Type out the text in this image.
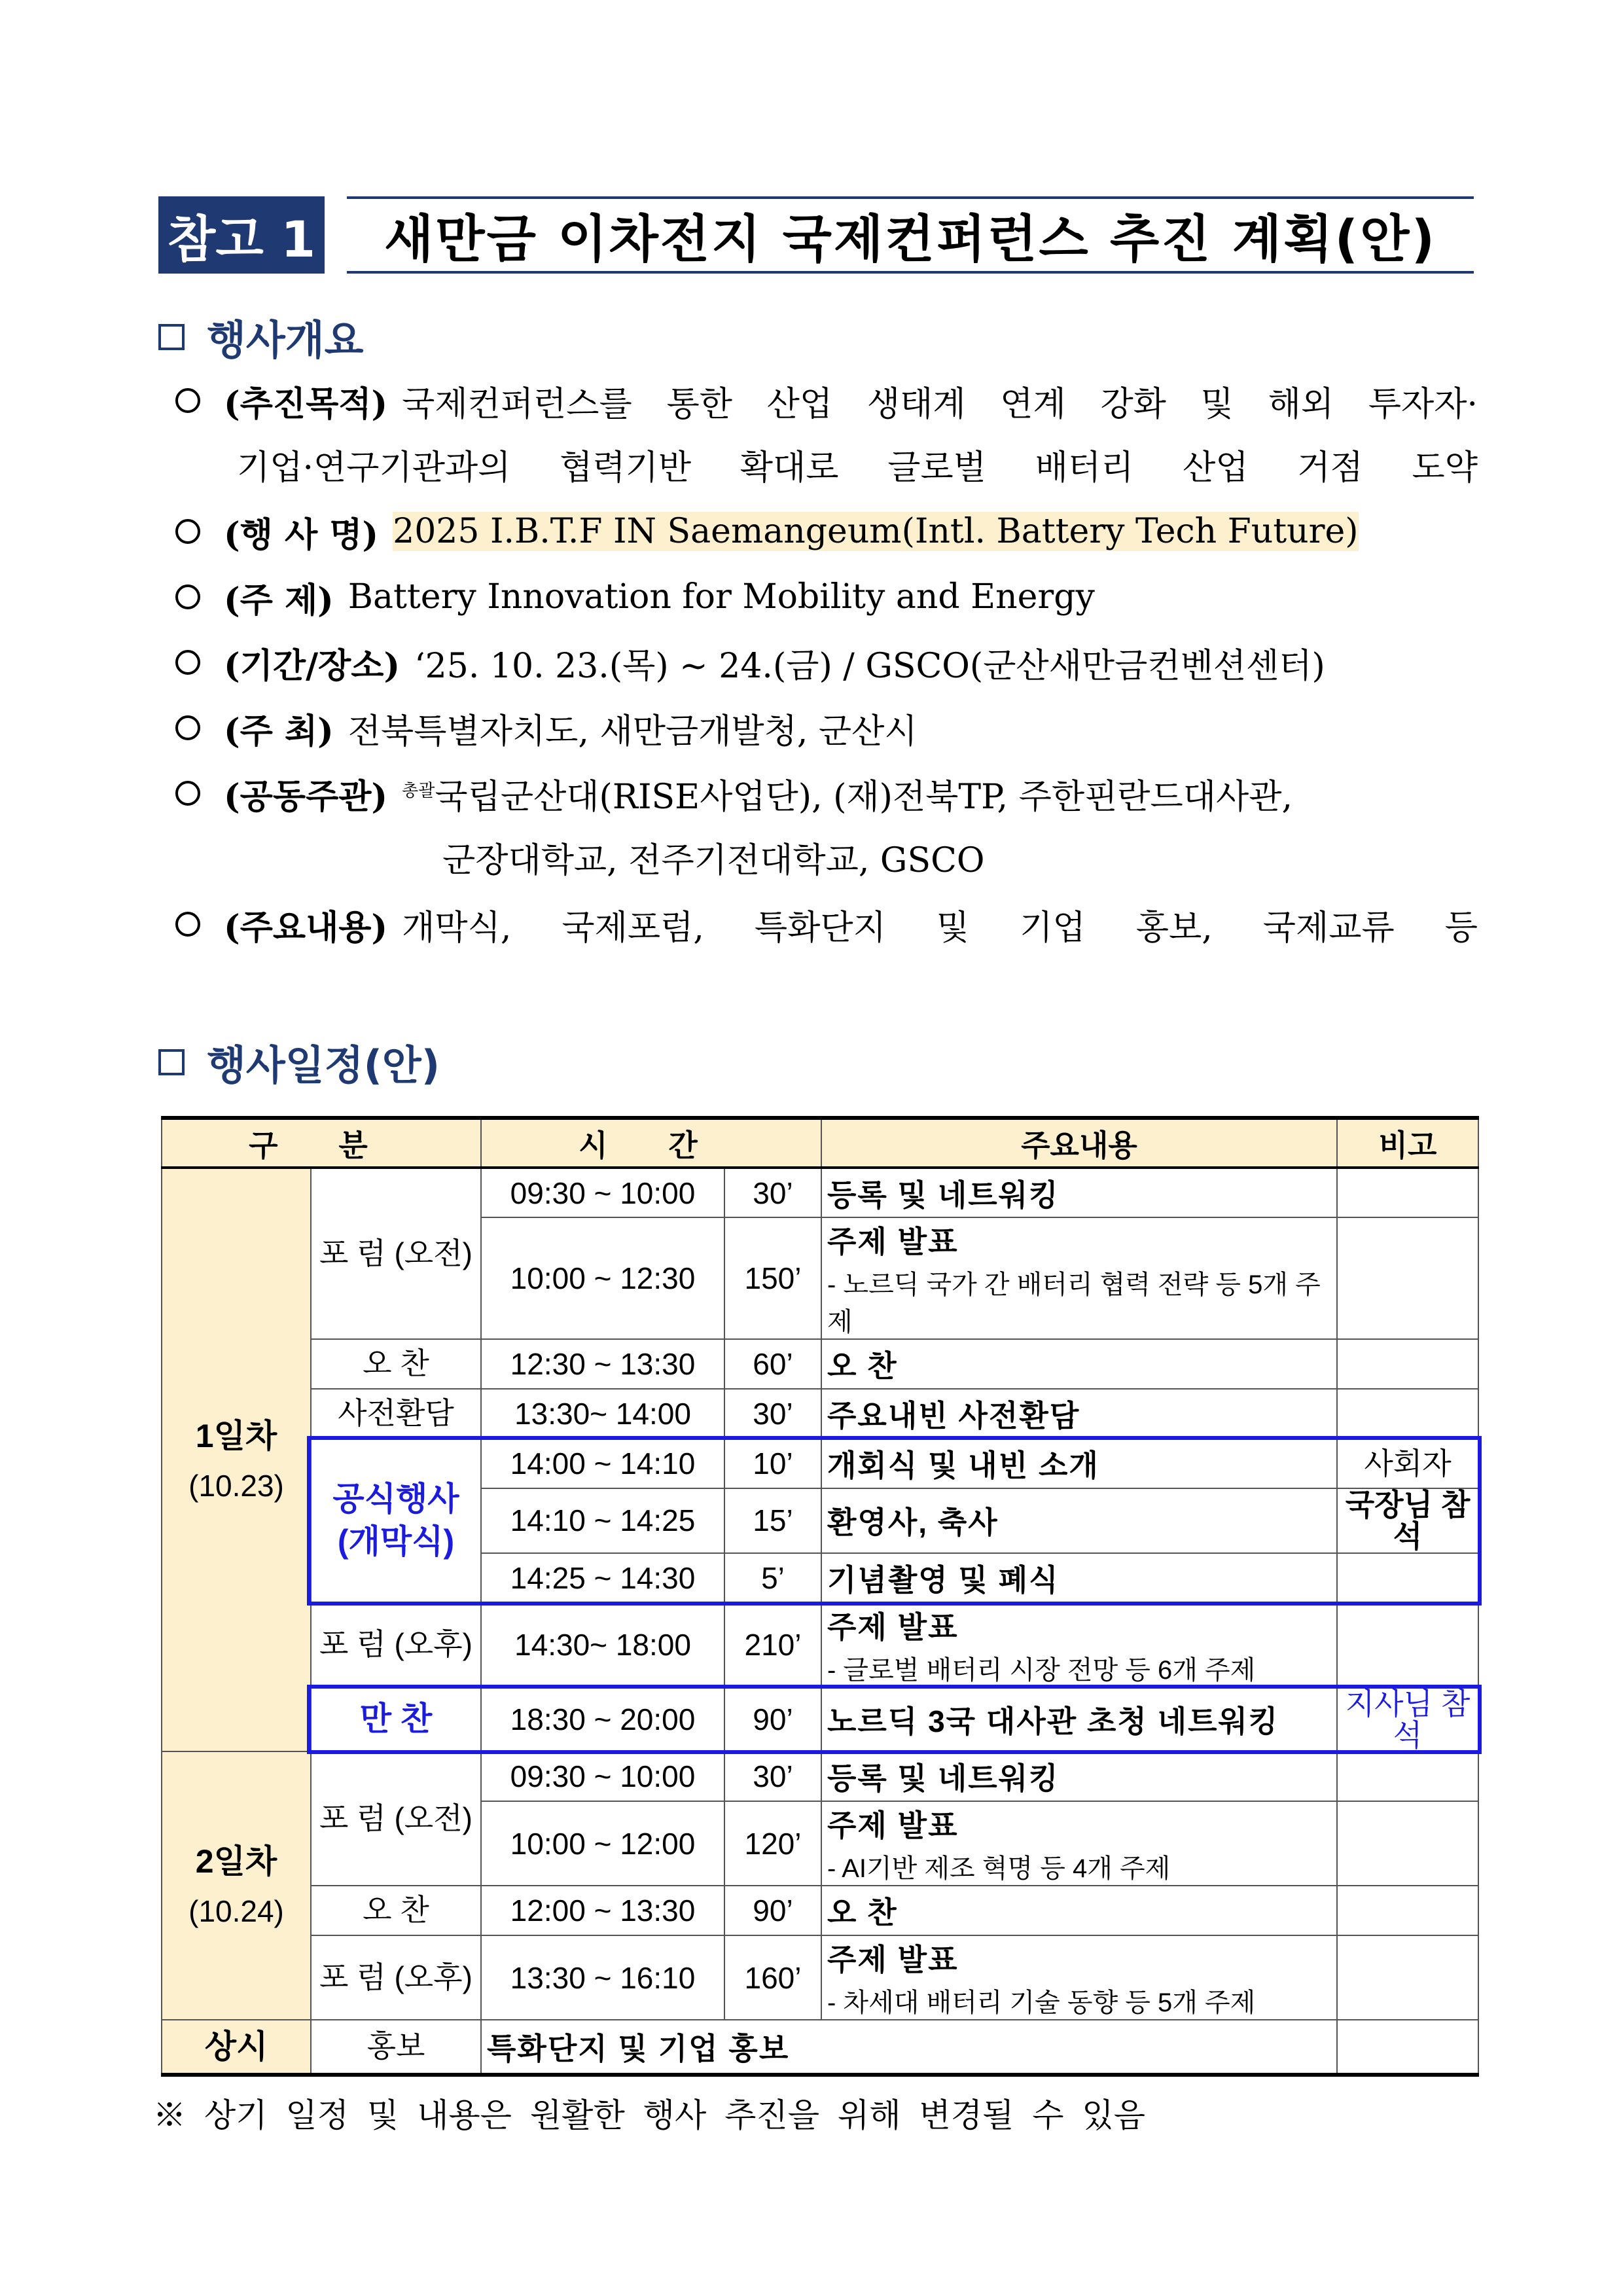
참고 1	새만금 이차전지 국제컨퍼런스 추진 계획(안)
행사개요
(추진목적) 국제컨퍼런스를 통한 산업 생태계 연계 강화 및 해외 투자자·
기업·연구기관과의 협력기반 확대로 글로벌 배터리 산업 거점 도약
(행 사 명) 2025 I.B.T.F IN Saemangeum(Intl. Battery Tech Future)
(주 제) Battery Innovation for Mobility and Energy
(기간/장소) ‘25. 10. 23.(목) ~ 24.(금) / GSCO(군산새만금컨벤션센터)
(주 최) 전북특별자치도, 새만금개발청, 군산시
(공동주관) $^{총괄}$국립군산대(RISE사업단), (재)전북TP, 주한핀란드대사관,
군장대학교, 전주기전대학교, GSCO
(주요내용) 개막식, 국제포럼, 특화단지 및 기업 홍보, 국제교류 등
행사일정(안)
구 분		시 간		주요내용	비고
1일차
(10.23)	포 럼 (오전)	09:30 ~ 10:00	30’	등록 및 네트워킹	
		10:00 ~ 12:30	150’	주제 발표
- 노르딕 국가 간 배터리 협력 전략 등 5개 주제	

	오 찬	12:30 ~ 13:30	60’	오 찬	
	사전환담	13:30~ 14:00	30’	주요내빈 사전환담	
	공식행사 (개막식)	14:00 ~ 14:10	10’	개회식 및 내빈 소개	사회자
		14:10 ~ 14:25	15’	환영사, 축사	국장님 참석
		14:25 ~ 14:30	5’	기념촬영 및 폐식	
	포 럼 (오후)	14:30~ 18:00	210’	주제 발표
- 글로벌 배터리 시장 전망 등 6개 주제	

	만 찬	18:30 ~ 20:00	90’	노르딕 3국 대사관 초청 네트워킹	지사님 참석
2일차
(10.24)	포 럼 (오전)	09:30 ~ 10:00	30’	등록 및 네트워킹	
		10:00 ~ 12:00	120’	주제 발표
- AI기반 제조 혁명 등 4개 주제	

	오 찬	12:00 ~ 13:30	90’	오 찬	
	포 럼 (오후)	13:30 ~ 16:10	160’	주제 발표
- 차세대 배터리 기술 동향 등 5개 주제	

상시	홍보	특화단지 및 기업 홍보			
※ 상기 일정 및 내용은 원활한 행사 추진을 위해 변경될 수 있음
